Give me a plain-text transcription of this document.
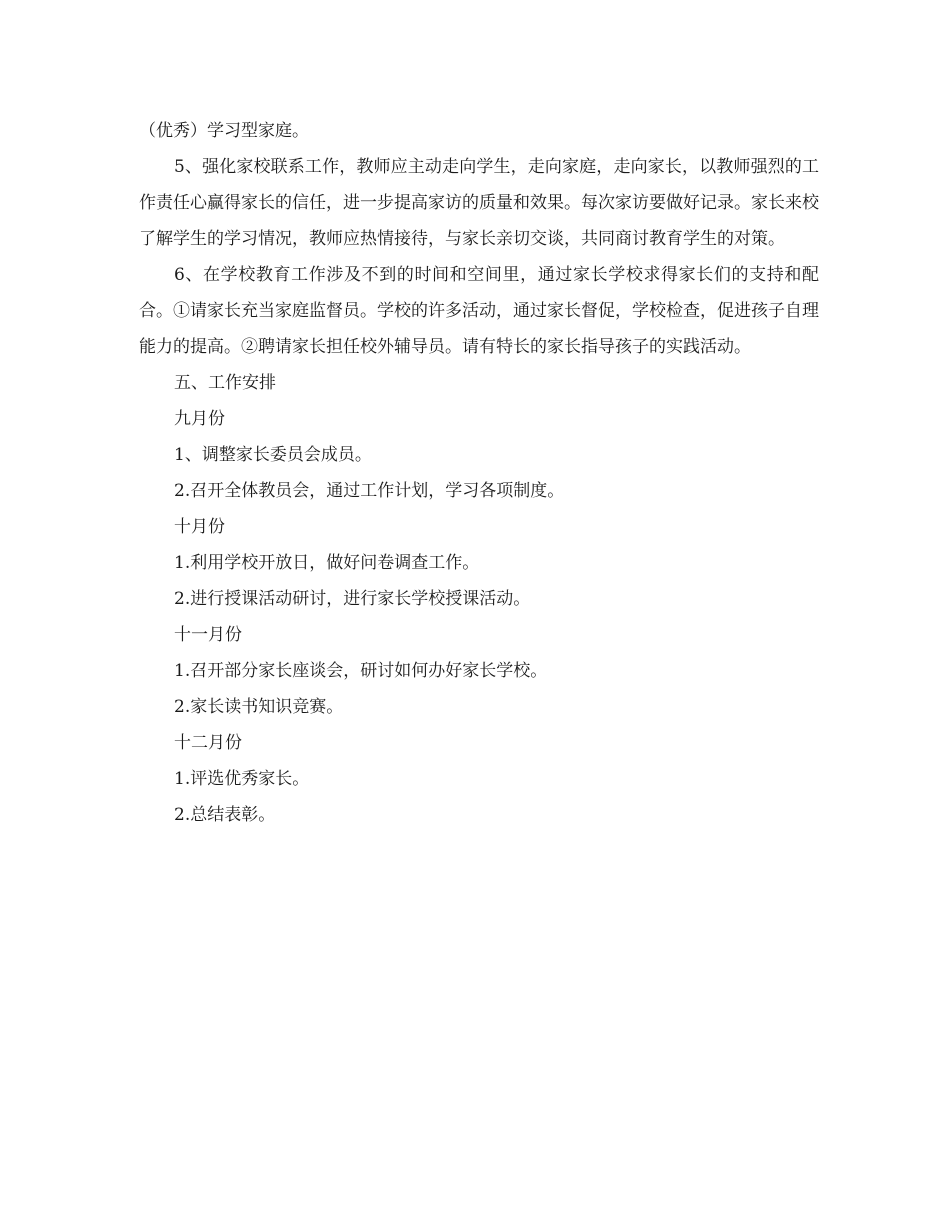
（优秀）学习型家庭。

5、强化家校联系工作，教师应主动走向学生，走向家庭，走向家长，以教师强烈的工作责任心赢得家长的信任，进一步提高家访的质量和效果。每次家访要做好记录。家长来校了解学生的学习情况，教师应热情接待，与家长亲切交谈，共同商讨教育学生的对策。

6、在学校教育工作涉及不到的时间和空间里，通过家长学校求得家长们的支持和配合。①请家长充当家庭监督员。学校的许多活动，通过家长督促，学校检查，促进孩子自理能力的提高。②聘请家长担任校外辅导员。请有特长的家长指导孩子的实践活动。

五、工作安排

九月份

1、调整家长委员会成员。

2.召开全体教员会，通过工作计划，学习各项制度。

十月份

1.利用学校开放日，做好问卷调查工作。

2.进行授课活动研讨，进行家长学校授课活动。

十一月份

1.召开部分家长座谈会，研讨如何办好家长学校。

2.家长读书知识竞赛。

十二月份

1.评选优秀家长。

2.总结表彰。
